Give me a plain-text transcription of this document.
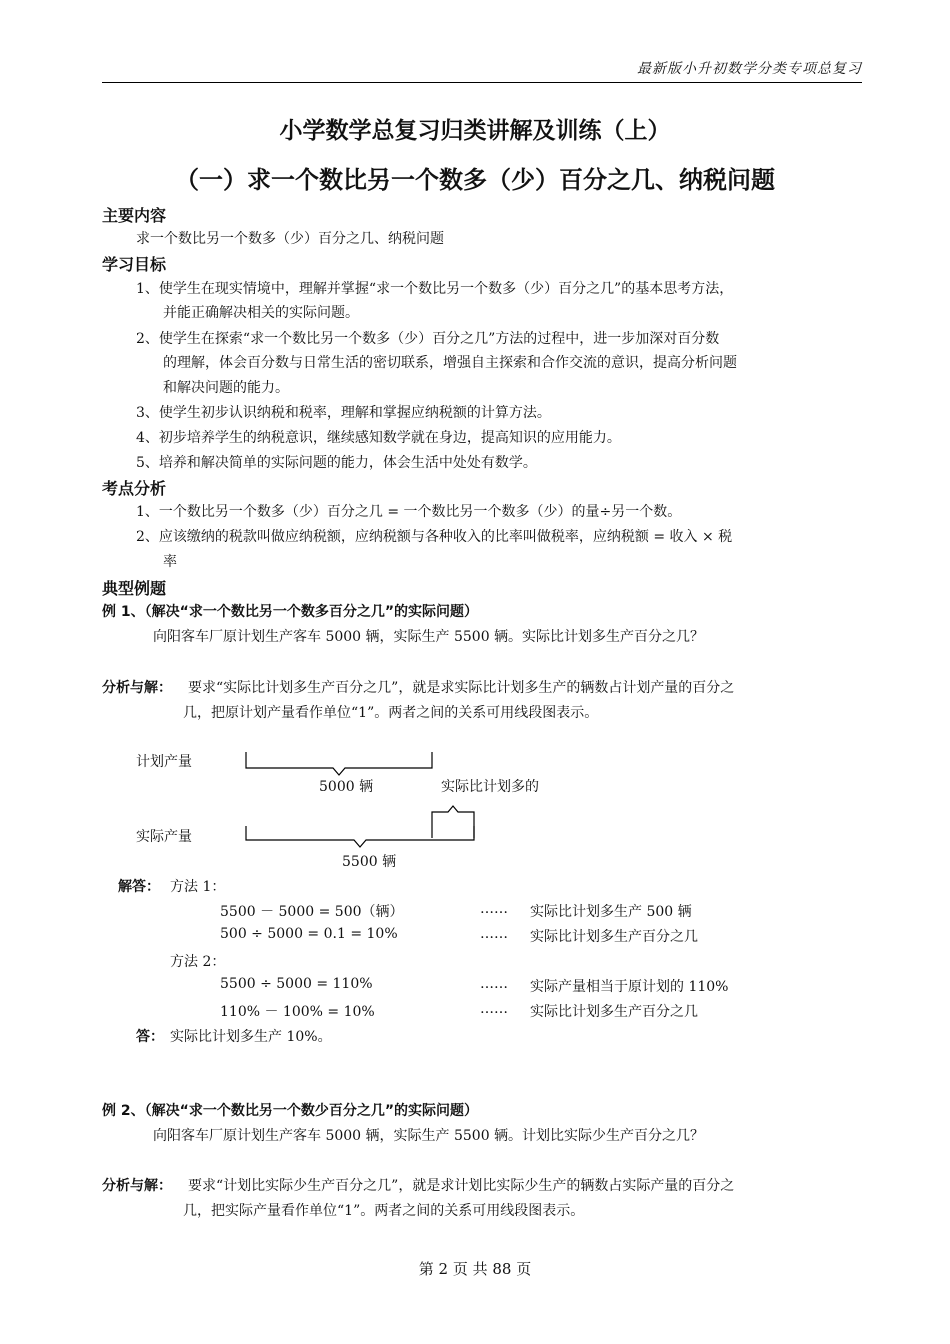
最新版小升初数学分类专项总复习
小学数学总复习归类讲解及训练（上）
（一）求一个数比另一个数多（少）百分之几、纳税问题
主要内容
求一个数比另一个数多（少）百分之几、纳税问题
学习目标
1、使学生在现实情境中，理解并掌握“求一个数比另一个数多（少）百分之几”的基本思考方法，
并能正确解决相关的实际问题。
2、使学生在探索“求一个数比另一个数多（少）百分之几”方法的过程中，进一步加深对百分数
的理解，体会百分数与日常生活的密切联系，增强自主探索和合作交流的意识，提高分析问题
和解决问题的能力。
3、使学生初步认识纳税和税率，理解和掌握应纳税额的计算方法。
4、初步培养学生的纳税意识，继续感知数学就在身边，提高知识的应用能力。
5、培养和解决简单的实际问题的能力，体会生活中处处有数学。
考点分析
1、一个数比另一个数多（少）百分之几 = 一个数比另一个数多（少）的量÷另一个数。
2、应该缴纳的税款叫做应纳税额，应纳税额与各种收入的比率叫做税率，应纳税额 = 收入 × 税
率
典型例题
例 1、（解决“求一个数比另一个数多百分之几”的实际问题）
向阳客车厂原计划生产客车 5000 辆，实际生产 5500 辆。实际比计划多生产百分之几？
分析与解： 要求“实际比计划多生产百分之几”，就是求实际比计划多生产的辆数占计划产量的百分之
几，把原计划产量看作单位“1”。两者之间的关系可用线段图表示。
计划产量
5000 辆	实际比计划多的
实际产量
5500 辆
解答： 方法 1：
5500 － 5000 = 500（辆）	…… 实际比计划多生产 500 辆
500 ÷ 5000 = 0.1 = 10%	…… 实际比计划多生产百分之几
方法 2：
5500 ÷ 5000 = 110%	…… 实际产量相当于原计划的 110%
110% － 100% = 10%	…… 实际比计划多生产百分之几
答： 实际比计划多生产 10%。
例 2、（解决“求一个数比另一个数少百分之几”的实际问题）
向阳客车厂原计划生产客车 5000 辆，实际生产 5500 辆。计划比实际少生产百分之几？
分析与解： 要求“计划比实际少生产百分之几”，就是求计划比实际少生产的辆数占实际产量的百分之
几，把实际产量看作单位“1”。两者之间的关系可用线段图表示。
第 2 页 共 88 页
